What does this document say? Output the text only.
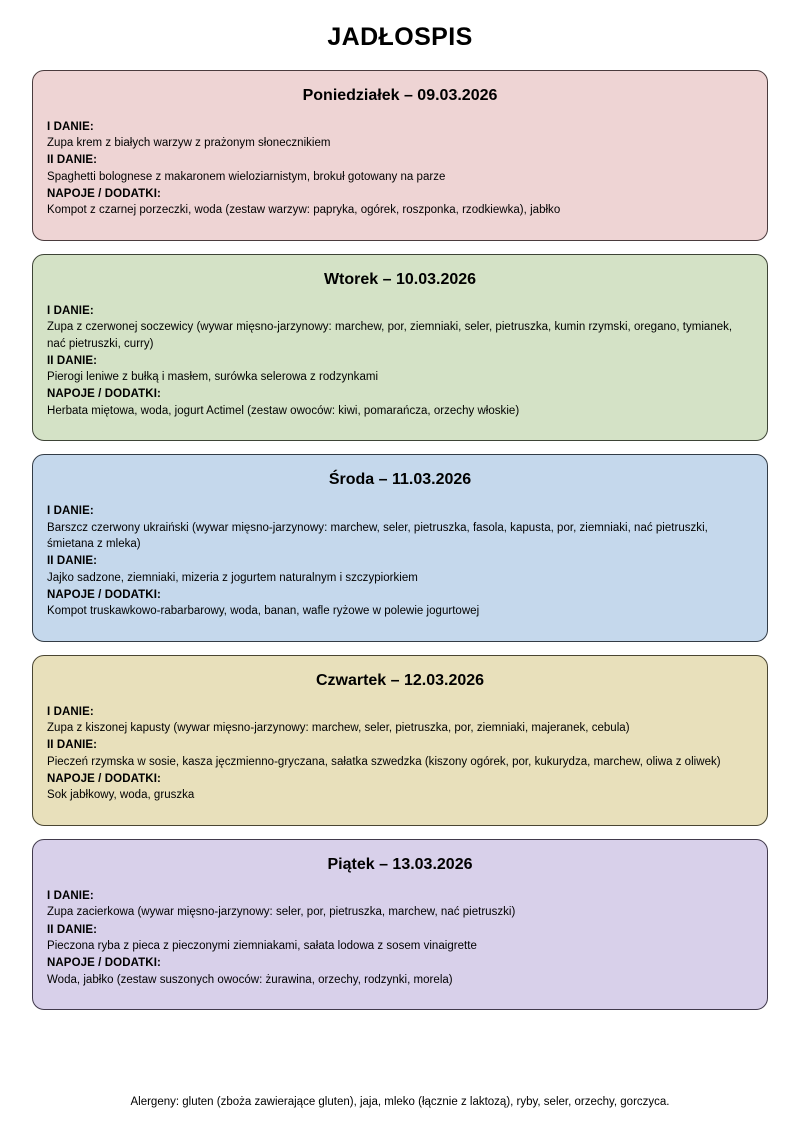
JADŁOSPIS
Poniedziałek – 09.03.2026
I DANIE:
Zupa krem z białych warzyw z prażonym słonecznikiem
II DANIE:
Spaghetti bolognese z makaronem wieloziarnistym, brokuł gotowany na parze
NAPOJE / DODATKI:
Kompot z czarnej porzeczki, woda (zestaw warzyw: papryka, ogórek, roszponka, rzodkiewka), jabłko
Wtorek – 10.03.2026
I DANIE:
Zupa z czerwonej soczewicy (wywar mięsno-jarzynowy: marchew, por, ziemniaki, seler, pietruszka, kumin rzymski, oregano, tymianek, nać pietruszki, curry)
II DANIE:
Pierogi leniwe z bułką i masłem, surówka selerowa z rodzynkami
NAPOJE / DODATKI:
Herbata miętowa, woda, jogurt Actimel (zestaw owoców: kiwi, pomarańcza, orzechy włoskie)
Środa – 11.03.2026
I DANIE:
Barszcz czerwony ukraiński (wywar mięsno-jarzynowy: marchew, seler, pietruszka, fasola, kapusta, por, ziemniaki, nać pietruszki, śmietana z mleka)
II DANIE:
Jajko sadzone, ziemniaki, mizeria z jogurtem naturalnym i szczypiorkiem
NAPOJE / DODATKI:
Kompot truskawkowo-rabarbarowy, woda, banan, wafle ryżowe w polewie jogurtowej
Czwartek – 12.03.2026
I DANIE:
Zupa z kiszonej kapusty (wywar mięsno-jarzynowy: marchew, seler, pietruszka, por, ziemniaki, majeranek, cebula)
II DANIE:
Pieczeń rzymska w sosie, kasza jęczmienno-gryczana, sałatka szwedzka (kiszony ogórek, por, kukurydza, marchew, oliwa z oliwek)
NAPOJE / DODATKI:
Sok jabłkowy, woda, gruszka
Piątek – 13.03.2026
I DANIE:
Zupa zacierkowa (wywar mięsno-jarzynowy: seler, por, pietruszka, marchew, nać pietruszki)
II DANIE:
Pieczona ryba z pieca z pieczonymi ziemniakami, sałata lodowa z sosem vinaigrette
NAPOJE / DODATKI:
Woda, jabłko (zestaw suszonych owoców: żurawina, orzechy, rodzynki, morela)
Alergeny: gluten (zboża zawierające gluten), jaja, mleko (łącznie z laktozą), ryby, seler, orzechy, gorczyca.
